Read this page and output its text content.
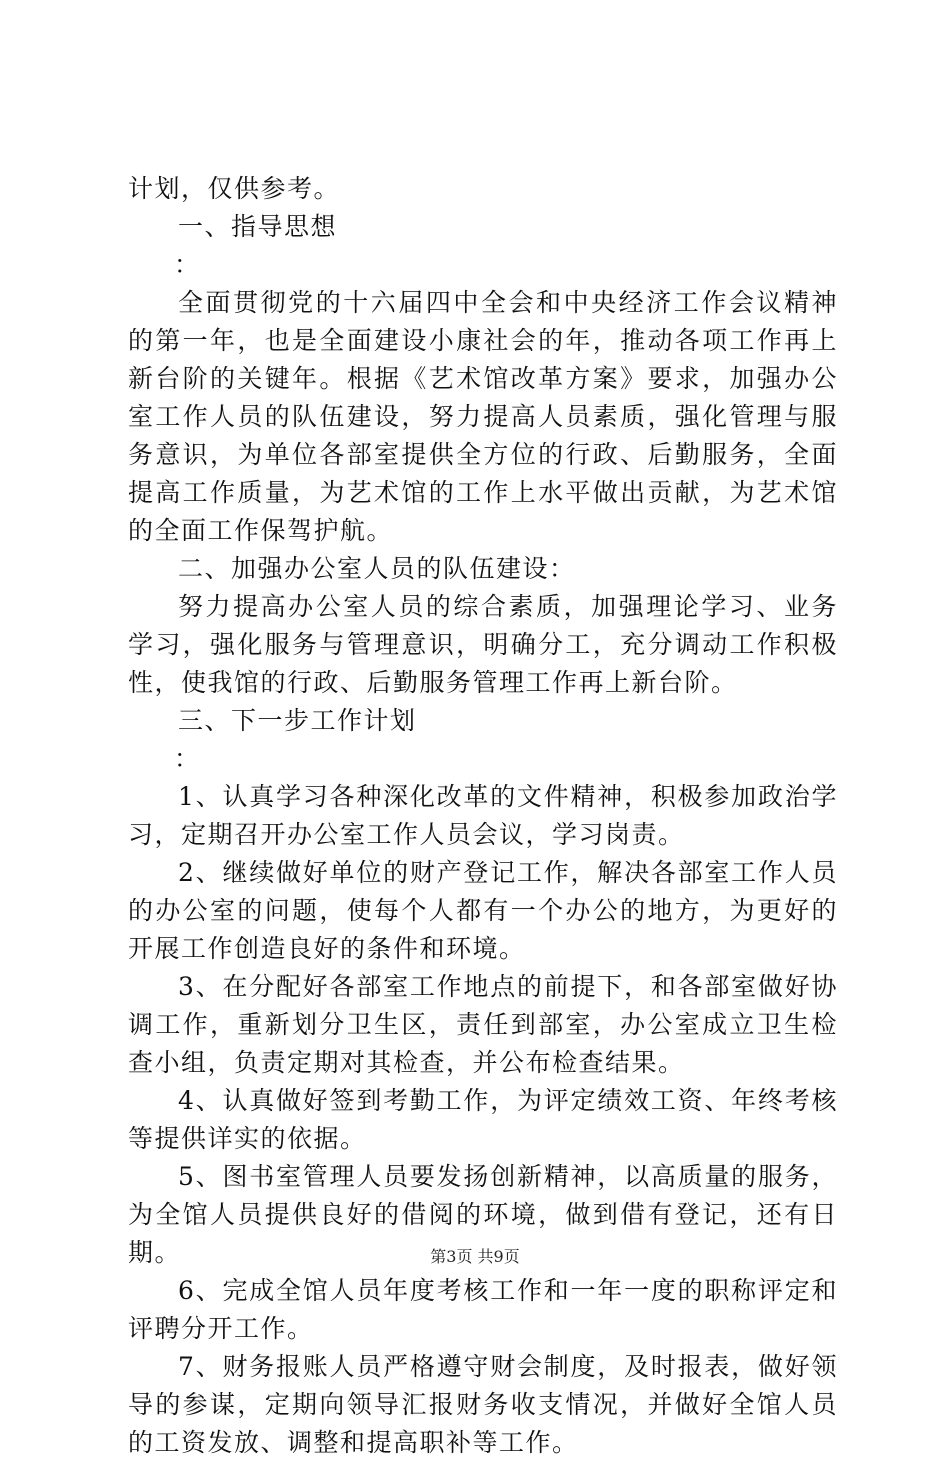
计划，仅供参考。

一、指导思想

：

全面贯彻党的十六届四中全会和中央经济工作会议精神的第一年，也是全面建设小康社会的年，推动各项工作再上新台阶的关键年。根据《艺术馆改革方案》要求，加强办公室工作人员的队伍建设，努力提高人员素质，强化管理与服务意识，为单位各部室提供全方位的行政、后勤服务，全面提高工作质量，为艺术馆的工作上水平做出贡献，为艺术馆的全面工作保驾护航。

二、加强办公室人员的队伍建设：

努力提高办公室人员的综合素质，加强理论学习、业务学习，强化服务与管理意识，明确分工，充分调动工作积极性，使我馆的行政、后勤服务管理工作再上新台阶。

三、下一步工作计划

：

1、认真学习各种深化改革的文件精神，积极参加政治学习，定期召开办公室工作人员会议，学习岗责。

2、继续做好单位的财产登记工作，解决各部室工作人员的办公室的问题，使每个人都有一个办公的地方，为更好的开展工作创造良好的条件和环境。

3、在分配好各部室工作地点的前提下，和各部室做好协调工作，重新划分卫生区，责任到部室，办公室成立卫生检查小组，负责定期对其检查，并公布检查结果。

4、认真做好签到考勤工作，为评定绩效工资、年终考核等提供详实的依据。

5、图书室管理人员要发扬创新精神，以高质量的服务，为全馆人员提供良好的借阅的环境，做到借有登记，还有日期。

6、完成全馆人员年度考核工作和一年一度的职称评定和评聘分开工作。

7、财务报账人员严格遵守财会制度，及时报表，做好领导的参谋，定期向领导汇报财务收支情况，并做好全馆人员的工资发放、调整和提高职补等工作。

第3页 共9页
